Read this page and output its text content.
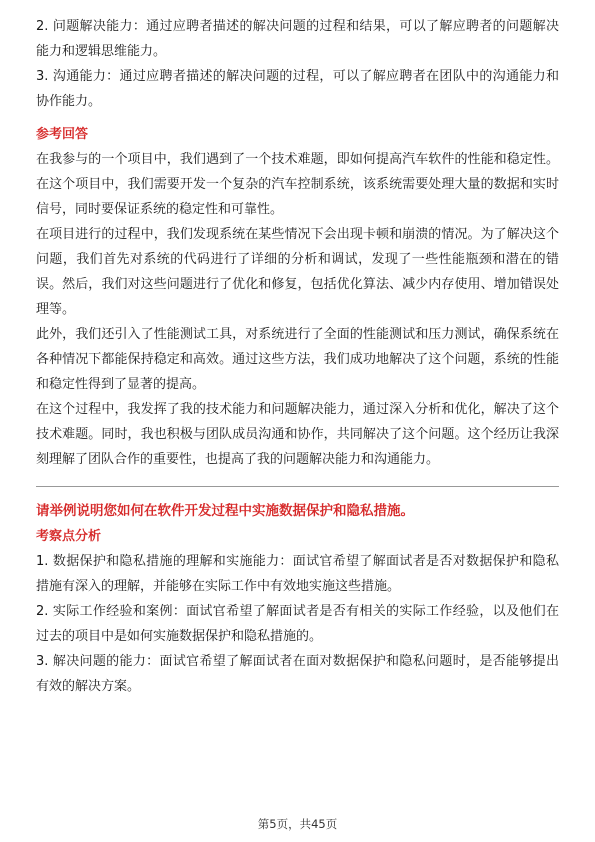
2. 问题解决能力：通过应聘者描述的解决问题的过程和结果，可以了解应聘者的问题解决能力和逻辑思维能力。

3. 沟通能力：通过应聘者描述的解决问题的过程，可以了解应聘者在团队中的沟通能力和协作能力。

参考回答

在我参与的一个项目中，我们遇到了一个技术难题，即如何提高汽车软件的性能和稳定性。在这个项目中，我们需要开发一个复杂的汽车控制系统，该系统需要处理大量的数据和实时信号，同时要保证系统的稳定性和可靠性。

在项目进行的过程中，我们发现系统在某些情况下会出现卡顿和崩溃的情况。为了解决这个问题，我们首先对系统的代码进行了详细的分析和调试，发现了一些性能瓶颈和潜在的错误。然后，我们对这些问题进行了优化和修复，包括优化算法、减少内存使用、增加错误处理等。

此外，我们还引入了性能测试工具，对系统进行了全面的性能测试和压力测试，确保系统在各种情况下都能保持稳定和高效。通过这些方法，我们成功地解决了这个问题，系统的性能和稳定性得到了显著的提高。

在这个过程中，我发挥了我的技术能力和问题解决能力，通过深入分析和优化，解决了这个技术难题。同时，我也积极与团队成员沟通和协作，共同解决了这个问题。这个经历让我深刻理解了团队合作的重要性，也提高了我的问题解决能力和沟通能力。

请举例说明您如何在软件开发过程中实施数据保护和隐私措施。

考察点分析

1. 数据保护和隐私措施的理解和实施能力：面试官希望了解面试者是否对数据保护和隐私措施有深入的理解，并能够在实际工作中有效地实施这些措施。

2. 实际工作经验和案例：面试官希望了解面试者是否有相关的实际工作经验，以及他们在过去的项目中是如何实施数据保护和隐私措施的。

3. 解决问题的能力：面试官希望了解面试者在面对数据保护和隐私问题时，是否能够提出有效的解决方案。

第5页，共45页
